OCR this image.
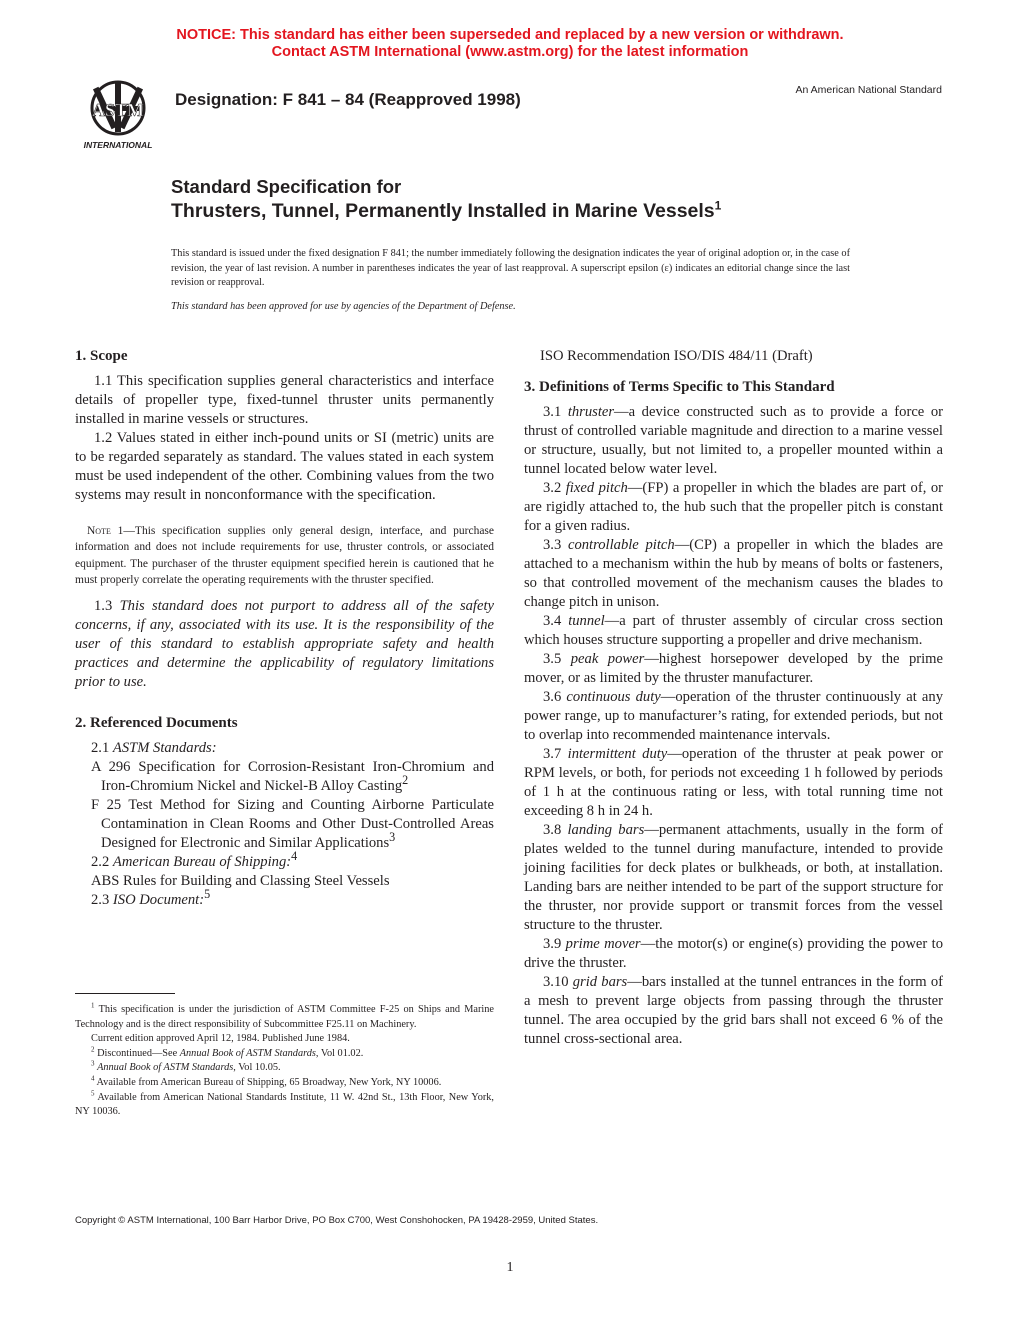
NOTICE: This standard has either been superseded and replaced by a new version or withdrawn.
Contact ASTM International (www.astm.org) for the latest information
ASTM
INTERNATIONAL
Designation: F 841 – 84 (Reapproved 1998)	An American National Standard
Standard Specification for
Thrusters, Tunnel, Permanently Installed in Marine Vessels$^1$
This standard is issued under the fixed designation F 841; the number immediately following the designation indicates the year of original adoption or, in the case of revision, the year of last revision. A number in parentheses indicates the year of last reapproval. A superscript epsilon (ε) indicates an editorial change since the last revision or reapproval.
This standard has been approved for use by agencies of the Department of Defense.

1. Scope

1.1 This specification supplies general characteristics and interface details of propeller type, fixed-tunnel thruster units permanently installed in marine vessels or structures.

1.2 Values stated in either inch-pound units or SI (metric) units are to be regarded separately as standard. The values stated in each system must be used independent of the other. Combining values from the two systems may result in nonconformance with the specification.

Note 1—This specification supplies only general design, interface, and purchase information and does not include requirements for use, thruster controls, or associated equipment. The purchaser of the thruster equipment specified herein is cautioned that he must properly correlate the operating requirements with the thruster specified.

1.3 This standard does not purport to address all of the safety concerns, if any, associated with its use. It is the responsibility of the user of this standard to establish appropriate safety and health practices and determine the applicability of regulatory limitations prior to use.

2. Referenced Documents

2.1 ASTM Standards:

A 296 Specification for Corrosion-Resistant Iron-Chromium and Iron-Chromium Nickel and Nickel-B Alloy Casting$^2$

F 25 Test Method for Sizing and Counting Airborne Particulate Contamination in Clean Rooms and Other Dust-Controlled Areas Designed for Electronic and Similar Applications$^3$

2.2 American Bureau of Shipping:$^4$

ABS Rules for Building and Classing Steel Vessels

2.3 ISO Document:$^5$

ISO Recommendation ISO/DIS 484/11 (Draft)

3. Definitions of Terms Specific to This Standard

3.1 thruster—a device constructed such as to provide a force or thrust of controlled variable magnitude and direction to a marine vessel or structure, usually, but not limited to, a propeller mounted within a tunnel located below water level.

3.2 fixed pitch—(FP) a propeller in which the blades are part of, or are rigidly attached to, the hub such that the propeller pitch is constant for a given radius.

3.3 controllable pitch—(CP) a propeller in which the blades are attached to a mechanism within the hub by means of bolts or fasteners, so that controlled movement of the mechanism causes the blades to change pitch in unison.

3.4 tunnel—a part of thruster assembly of circular cross section which houses structure supporting a propeller and drive mechanism.

3.5 peak power—highest horsepower developed by the prime mover, or as limited by the thruster manufacturer.

3.6 continuous duty—operation of the thruster continuously at any power range, up to manufacturer’s rating, for extended periods, but not to overlap into recommended maintenance intervals.

3.7 intermittent duty—operation of the thruster at peak power or RPM levels, or both, for periods not exceeding 1 h followed by periods of 1 h at the continuous rating or less, with total running time not exceeding 8 h in 24 h.

3.8 landing bars—permanent attachments, usually in the form of plates welded to the tunnel during manufacture, intended to provide joining facilities for deck plates or bulkheads, or both, at installation. Landing bars are neither intended to be part of the support structure for the thruster, nor provide support or transmit forces from the vessel structure to the thruster.

3.9 prime mover—the motor(s) or engine(s) providing the power to drive the thruster.

3.10 grid bars—bars installed at the tunnel entrances in the form of a mesh to prevent large objects from passing through the thruster tunnel. The area occupied by the grid bars shall not exceed 6 % of the tunnel cross-sectional area.

$^1$ This specification is under the jurisdiction of ASTM Committee F-25 on Ships and Marine Technology and is the direct responsibility of Subcommittee F25.11 on Machinery.

Current edition approved April 12, 1984. Published June 1984.

$^2$ Discontinued—See Annual Book of ASTM Standards, Vol 01.02.

$^3$ Annual Book of ASTM Standards, Vol 10.05.

$^4$ Available from American Bureau of Shipping, 65 Broadway, New York, NY 10006.

$^5$ Available from American National Standards Institute, 11 W. 42nd St., 13th Floor, New York, NY 10036.

Copyright © ASTM International, 100 Barr Harbor Drive, PO Box C700, West Conshohocken, PA 19428-2959, United States.
1
